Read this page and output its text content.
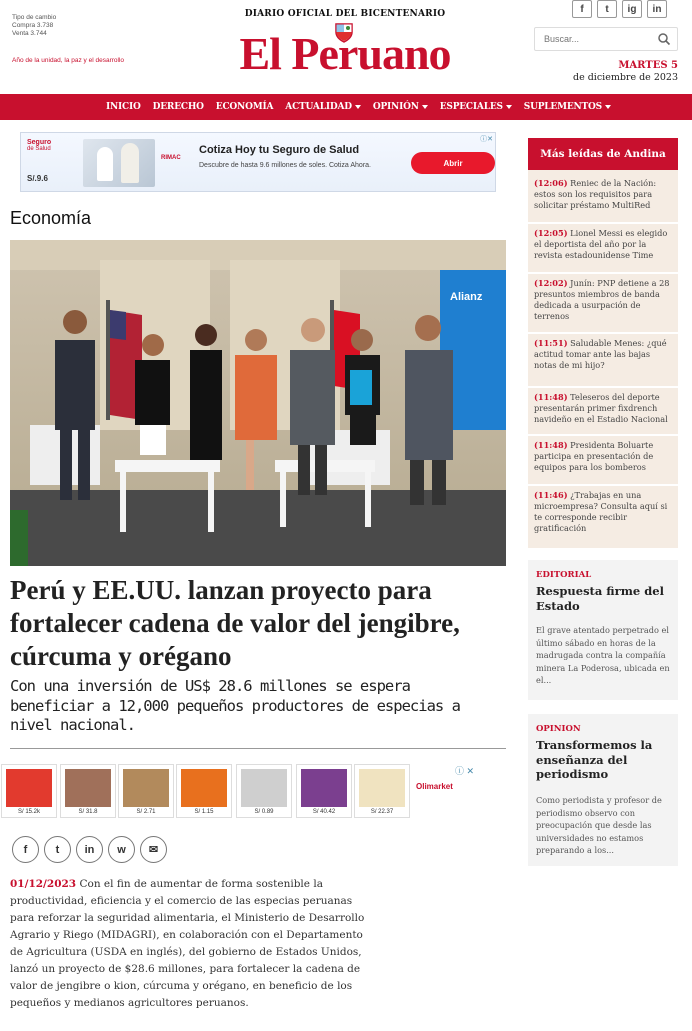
Tipo de cambio
Compra 3.738
Venta 3.744
Año de la unidad, la paz y el desarrollo
DIARIO OFICIAL DEL BICENTENARIO
El Peruano
f	t	ig	in
Buscar...
MARTES 5
de diciembre de 2023
INICIO DERECHO ECONOMÍA ACTUALIDAD OPINIÓN ESPECIALES SUPLEMENTOS
Seguro
de Salud
S/.9.6
RIMAC
Cotiza Hoy tu Seguro de Salud
Descubre de hasta 9.6 millones de soles. Cotiza Ahora.	Abrir
ⓘ✕
Economía
Alianz
Perú y EE.UU. lanzan proyecto para fortalecer cadena de valor del jengibre, cúrcuma y orégano
Con una inversión de US$ 28.6 millones se espera beneficiar a 12,000 pequeños productores de especias a nivel nacional.
S/ 15.2k	S/ 31.8	S/ 2.71	S/ 1.15	S/ 0.89	S/ 40.42	S/ 22.37
Olimarket
ⓘ ✕
f	t	in	w	✉
01/12/2023 Con el fin de aumentar de forma sostenible la productividad, eficiencia y el comercio de las especias peruanas para reforzar la seguridad alimentaria, el Ministerio de Desarrollo Agrario y Riego (MIDAGRI), en colaboración con el Departamento de Agricultura (USDA en inglés), del gobierno de Estados Unidos, lanzó un proyecto de $28.6 millones, para fortalecer la cadena de valor de jengibre o kion, cúrcuma y orégano, en beneficio de los pequeños y medianos agricultores peruanos.
Más leídas de Andina
(12:06) Reniec de la Nación: estos son los requisitos para solicitar préstamo MultiRed
(12:05) Lionel Messi es elegido el deportista del año por la revista estadounidense Time
(12:02) Junín: PNP detiene a 28 presuntos miembros de banda dedicada a usurpación de terrenos
(11:51) Saludable Menes: ¿qué actitud tomar ante las bajas notas de mi hijo?
(11:48) Teleseros del deporte presentarán primer fixdrench navideño en el Estadio Nacional
(11:48) Presidenta Boluarte participa en presentación de equipos para los bomberos
(11:46) ¿Trabajas en una microempresa? Consulta aquí si te corresponde recibir gratificación
EDITORIAL
Respuesta firme del Estado
El grave atentado perpetrado el último sábado en horas de la madrugada contra la compañía minera La Poderosa, ubicada en el...
OPINION
Transformemos la enseñanza del periodismo
Como periodista y profesor de periodismo observo con preocupación que desde las universidades no estamos preparando a los...
